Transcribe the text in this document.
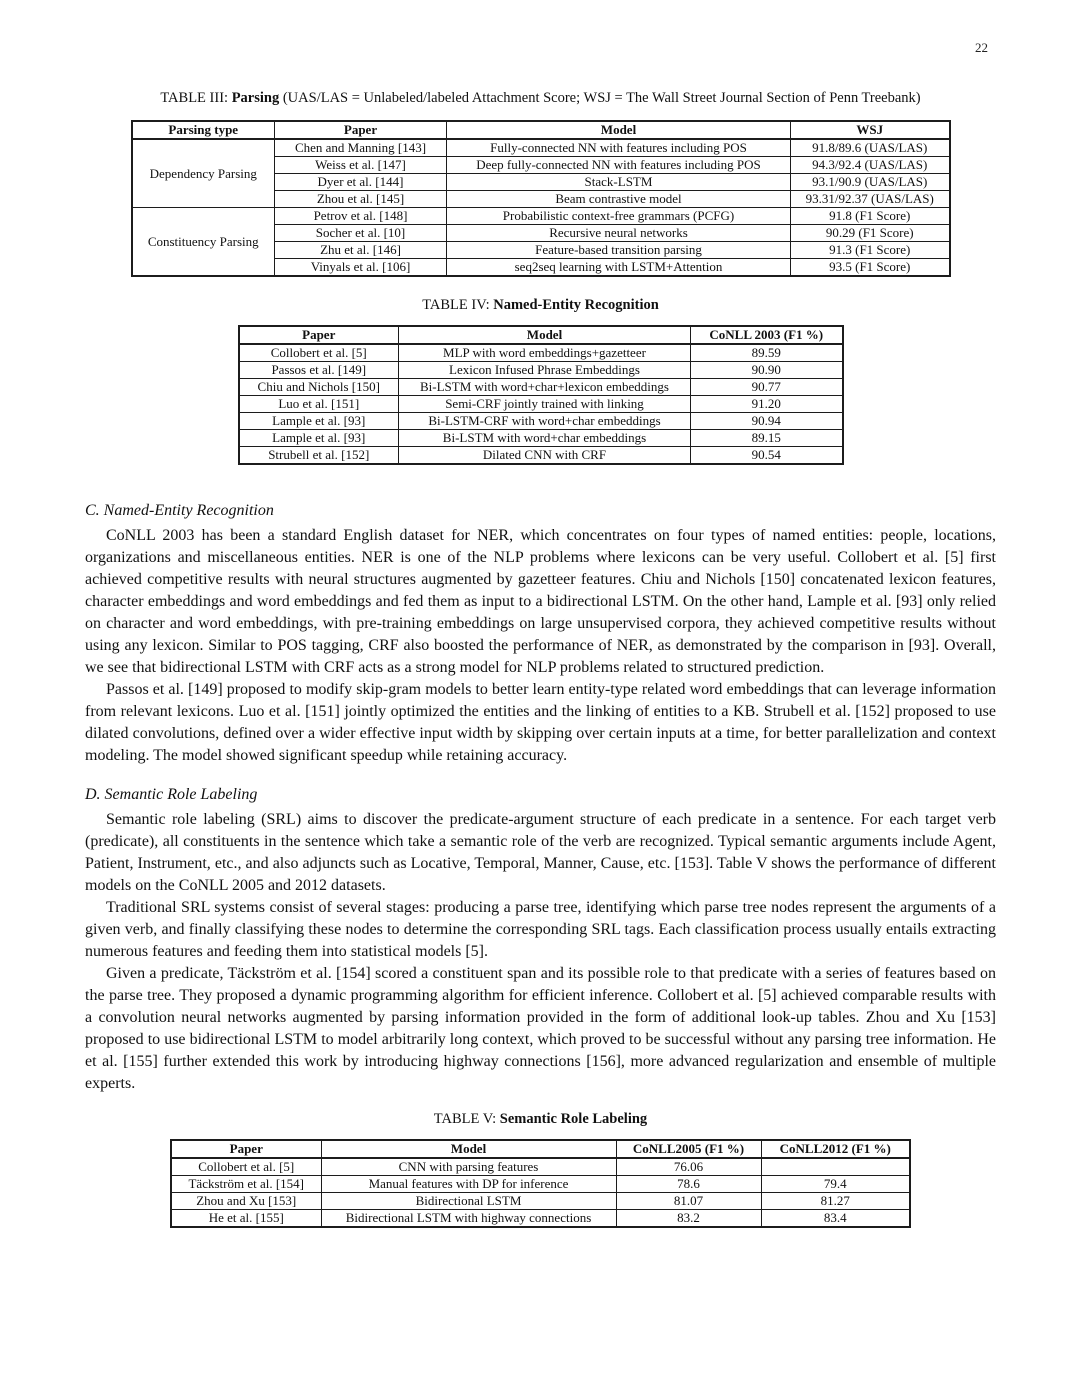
22
TABLE III: Parsing (UAS/LAS = Unlabeled/labeled Attachment Score; WSJ = The Wall Street Journal Section of Penn Treebank)
Parsing type	Paper	Model	WSJ
Dependency Parsing	Chen and Manning [143]	Fully-connected NN with features including POS	91.8/89.6 (UAS/LAS)
	Weiss et al. [147]	Deep fully-connected NN with features including POS	94.3/92.4 (UAS/LAS)
	Dyer et al. [144]	Stack-LSTM	93.1/90.9 (UAS/LAS)
	Zhou et al. [145]	Beam contrastive model	93.31/92.37 (UAS/LAS)
Constituency Parsing	Petrov et al. [148]	Probabilistic context-free grammars (PCFG)	91.8 (F1 Score)
	Socher et al. [10]	Recursive neural networks	90.29 (F1 Score)
	Zhu et al. [146]	Feature-based transition parsing	91.3 (F1 Score)
	Vinyals et al. [106]	seq2seq learning with LSTM+Attention	93.5 (F1 Score)
TABLE IV: Named-Entity Recognition
Paper	Model	CoNLL 2003 (F1 %)
Collobert et al. [5]	MLP with word embeddings+gazetteer	89.59
Passos et al. [149]	Lexicon Infused Phrase Embeddings	90.90
Chiu and Nichols [150]	Bi-LSTM with word+char+lexicon embeddings	90.77
Luo et al. [151]	Semi-CRF jointly trained with linking	91.20
Lample et al. [93]	Bi-LSTM-CRF with word+char embeddings	90.94
Lample et al. [93]	Bi-LSTM with word+char embeddings	89.15
Strubell et al. [152]	Dilated CNN with CRF	90.54
C. Named-Entity Recognition

CoNLL 2003 has been a standard English dataset for NER, which concentrates on four types of named entities: people, locations, organizations and miscellaneous entities. NER is one of the NLP problems where lexicons can be very useful. Collobert et al. [5] first achieved competitive results with neural structures augmented by gazetteer features. Chiu and Nichols [150] concatenated lexicon features, character embeddings and word embeddings and fed them as input to a bidirectional LSTM. On the other hand, Lample et al. [93] only relied on character and word embeddings, with pre-training embeddings on large unsupervised corpora, they achieved competitive results without using any lexicon. Similar to POS tagging, CRF also boosted the performance of NER, as demonstrated by the comparison in [93]. Overall, we see that bidirectional LSTM with CRF acts as a strong model for NLP problems related to structured prediction.

Passos et al. [149] proposed to modify skip-gram models to better learn entity-type related word embeddings that can leverage information from relevant lexicons. Luo et al. [151] jointly optimized the entities and the linking of entities to a KB. Strubell et al. [152] proposed to use dilated convolutions, defined over a wider effective input width by skipping over certain inputs at a time, for better parallelization and context modeling. The model showed significant speedup while retaining accuracy.

D. Semantic Role Labeling

Semantic role labeling (SRL) aims to discover the predicate-argument structure of each predicate in a sentence. For each target verb (predicate), all constituents in the sentence which take a semantic role of the verb are recognized. Typical semantic arguments include Agent, Patient, Instrument, etc., and also adjuncts such as Locative, Temporal, Manner, Cause, etc. [153]. Table V shows the performance of different models on the CoNLL 2005 and 2012 datasets.

Traditional SRL systems consist of several stages: producing a parse tree, identifying which parse tree nodes represent the arguments of a given verb, and finally classifying these nodes to determine the corresponding SRL tags. Each classification process usually entails extracting numerous features and feeding them into statistical models [5].

Given a predicate, Täckström et al. [154] scored a constituent span and its possible role to that predicate with a series of features based on the parse tree. They proposed a dynamic programming algorithm for efficient inference. Collobert et al. [5] achieved comparable results with a convolution neural networks augmented by parsing information provided in the form of additional look-up tables. Zhou and Xu [153] proposed to use bidirectional LSTM to model arbitrarily long context, which proved to be successful without any parsing tree information. He et al. [155] further extended this work by introducing highway connections [156], more advanced regularization and ensemble of multiple experts.

TABLE V: Semantic Role Labeling
Paper	Model	CoNLL2005 (F1 %)	CoNLL2012 (F1 %)
Collobert et al. [5]	CNN with parsing features	76.06	
Täckström et al. [154]	Manual features with DP for inference	78.6	79.4
Zhou and Xu [153]	Bidirectional LSTM	81.07	81.27
He et al. [155]	Bidirectional LSTM with highway connections	83.2	83.4
